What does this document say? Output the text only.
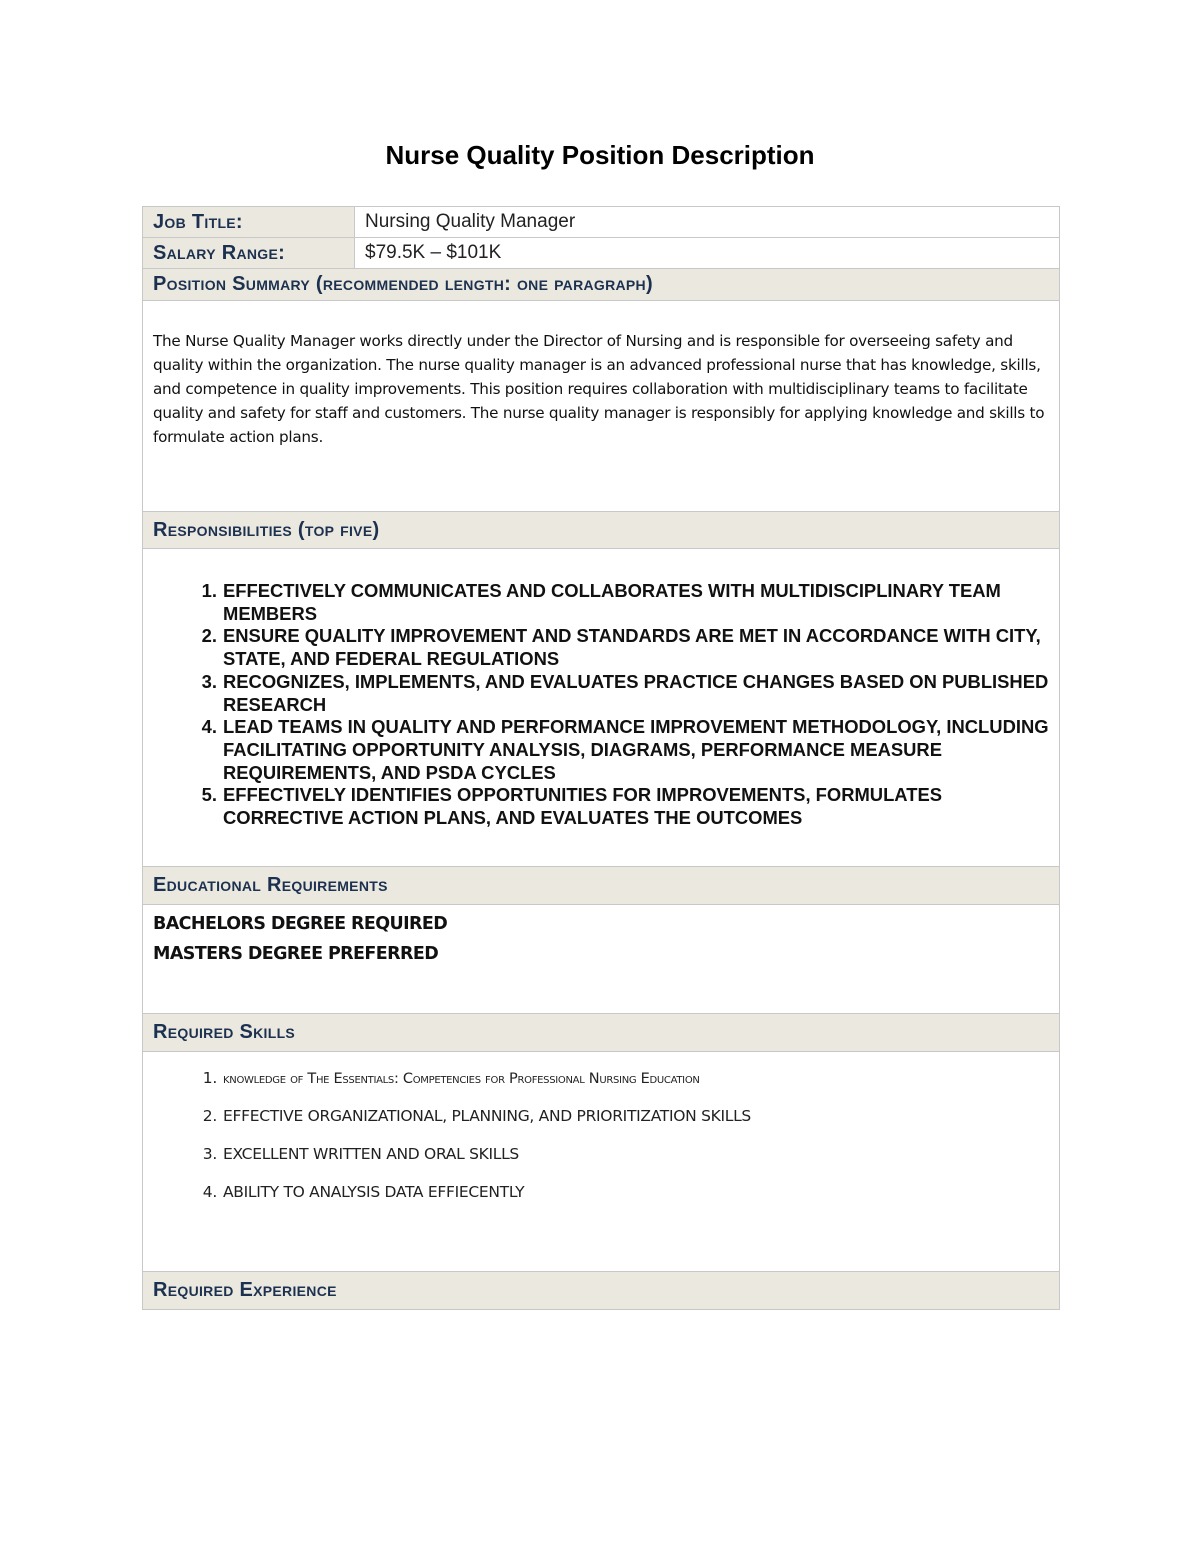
Nurse Quality Position Description
Job Title:	Nursing Quality Manager
Salary Range:	$79.5K – $101K
Position Summary (recommended length: one paragraph)
The Nurse Quality Manager works directly under the Director of Nursing and is responsible for overseeing safety and quality within the organization. The nurse quality manager is an advanced professional nurse that has knowledge, skills, and competence in quality improvements. This position requires collaboration with multidisciplinary teams to facilitate quality and safety for staff and customers. The nurse quality manager is responsibly for applying knowledge and skills to formulate action plans.
Responsibilities (top five)
1. EFFECTIVELY COMMUNICATES AND COLLABORATES WITH MULTIDISCIPLINARY TEAM MEMBERS
2. ENSURE QUALITY IMPROVEMENT AND STANDARDS ARE MET IN ACCORDANCE WITH CITY, STATE, AND FEDERAL REGULATIONS
3. RECOGNIZES, IMPLEMENTS, AND EVALUATES PRACTICE CHANGES BASED ON PUBLISHED RESEARCH
4. LEAD TEAMS IN QUALITY AND PERFORMANCE IMPROVEMENT METHODOLOGY, INCLUDING FACILITATING OPPORTUNITY ANALYSIS, DIAGRAMS, PERFORMANCE MEASURE REQUIREMENTS, AND PSDA CYCLES
5. EFFECTIVELY IDENTIFIES OPPORTUNITIES FOR IMPROVEMENTS, FORMULATES CORRECTIVE ACTION PLANS, AND EVALUATES THE OUTCOMES
Educational Requirements
BACHELORS DEGREE REQUIRED
MASTERS DEGREE PREFERRED
Required Skills
1. knowledge of The Essentials: Competencies for Professional Nursing Education
2. EFFECTIVE ORGANIZATIONAL, PLANNING, AND PRIORITIZATION SKILLS
3. EXCELLENT WRITTEN AND ORAL SKILLS
4. ABILITY TO ANALYSIS DATA EFFIECENTLY
Required Experience
